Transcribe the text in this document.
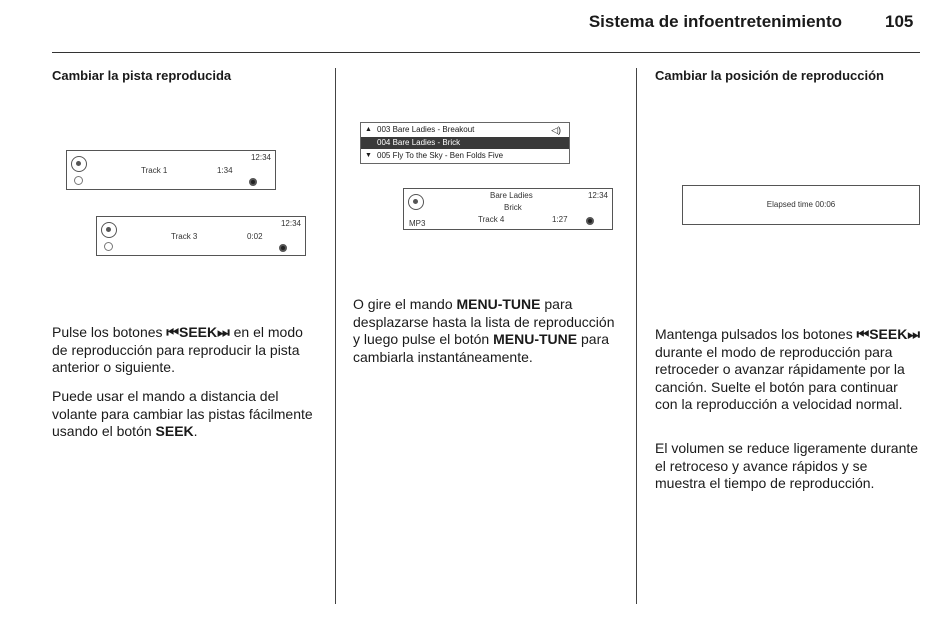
Sistema de infoentretenimiento	105
Cambiar la pista reproducida
12:34
Track 1	1:34
12:34
Track 3	0:02

Pulse los botones ⏮SEEK⏭ en el modo de reproducción para reproducir la pista anterior o siguiente.

Puede usar el mando a distancia del volante para cambiar las pistas fácilmente usando el botón SEEK.

▲ 003 Bare Ladies - Breakout	◁)
004 Bare Ladies - Brick
▼ 005 Fly To the Sky - Ben Folds Five
MP3
Bare Ladies
Brick
Track 4	1:27
12:34

O gire el mando MENU-TUNE para desplazarse hasta la lista de reproducción y luego pulse el botón MENU-TUNE para cambiarla instantáneamente.

Cambiar la posición de reproducción
Elapsed time 00:06

Mantenga pulsados los botones ⏮SEEK⏭ durante el modo de reproducción para retroceder o avanzar rápidamente por la canción. Suelte el botón para continuar con la reproducción a velocidad normal.

El volumen se reduce ligeramente durante el retroceso y avance rápidos y se muestra el tiempo de reproducción.
